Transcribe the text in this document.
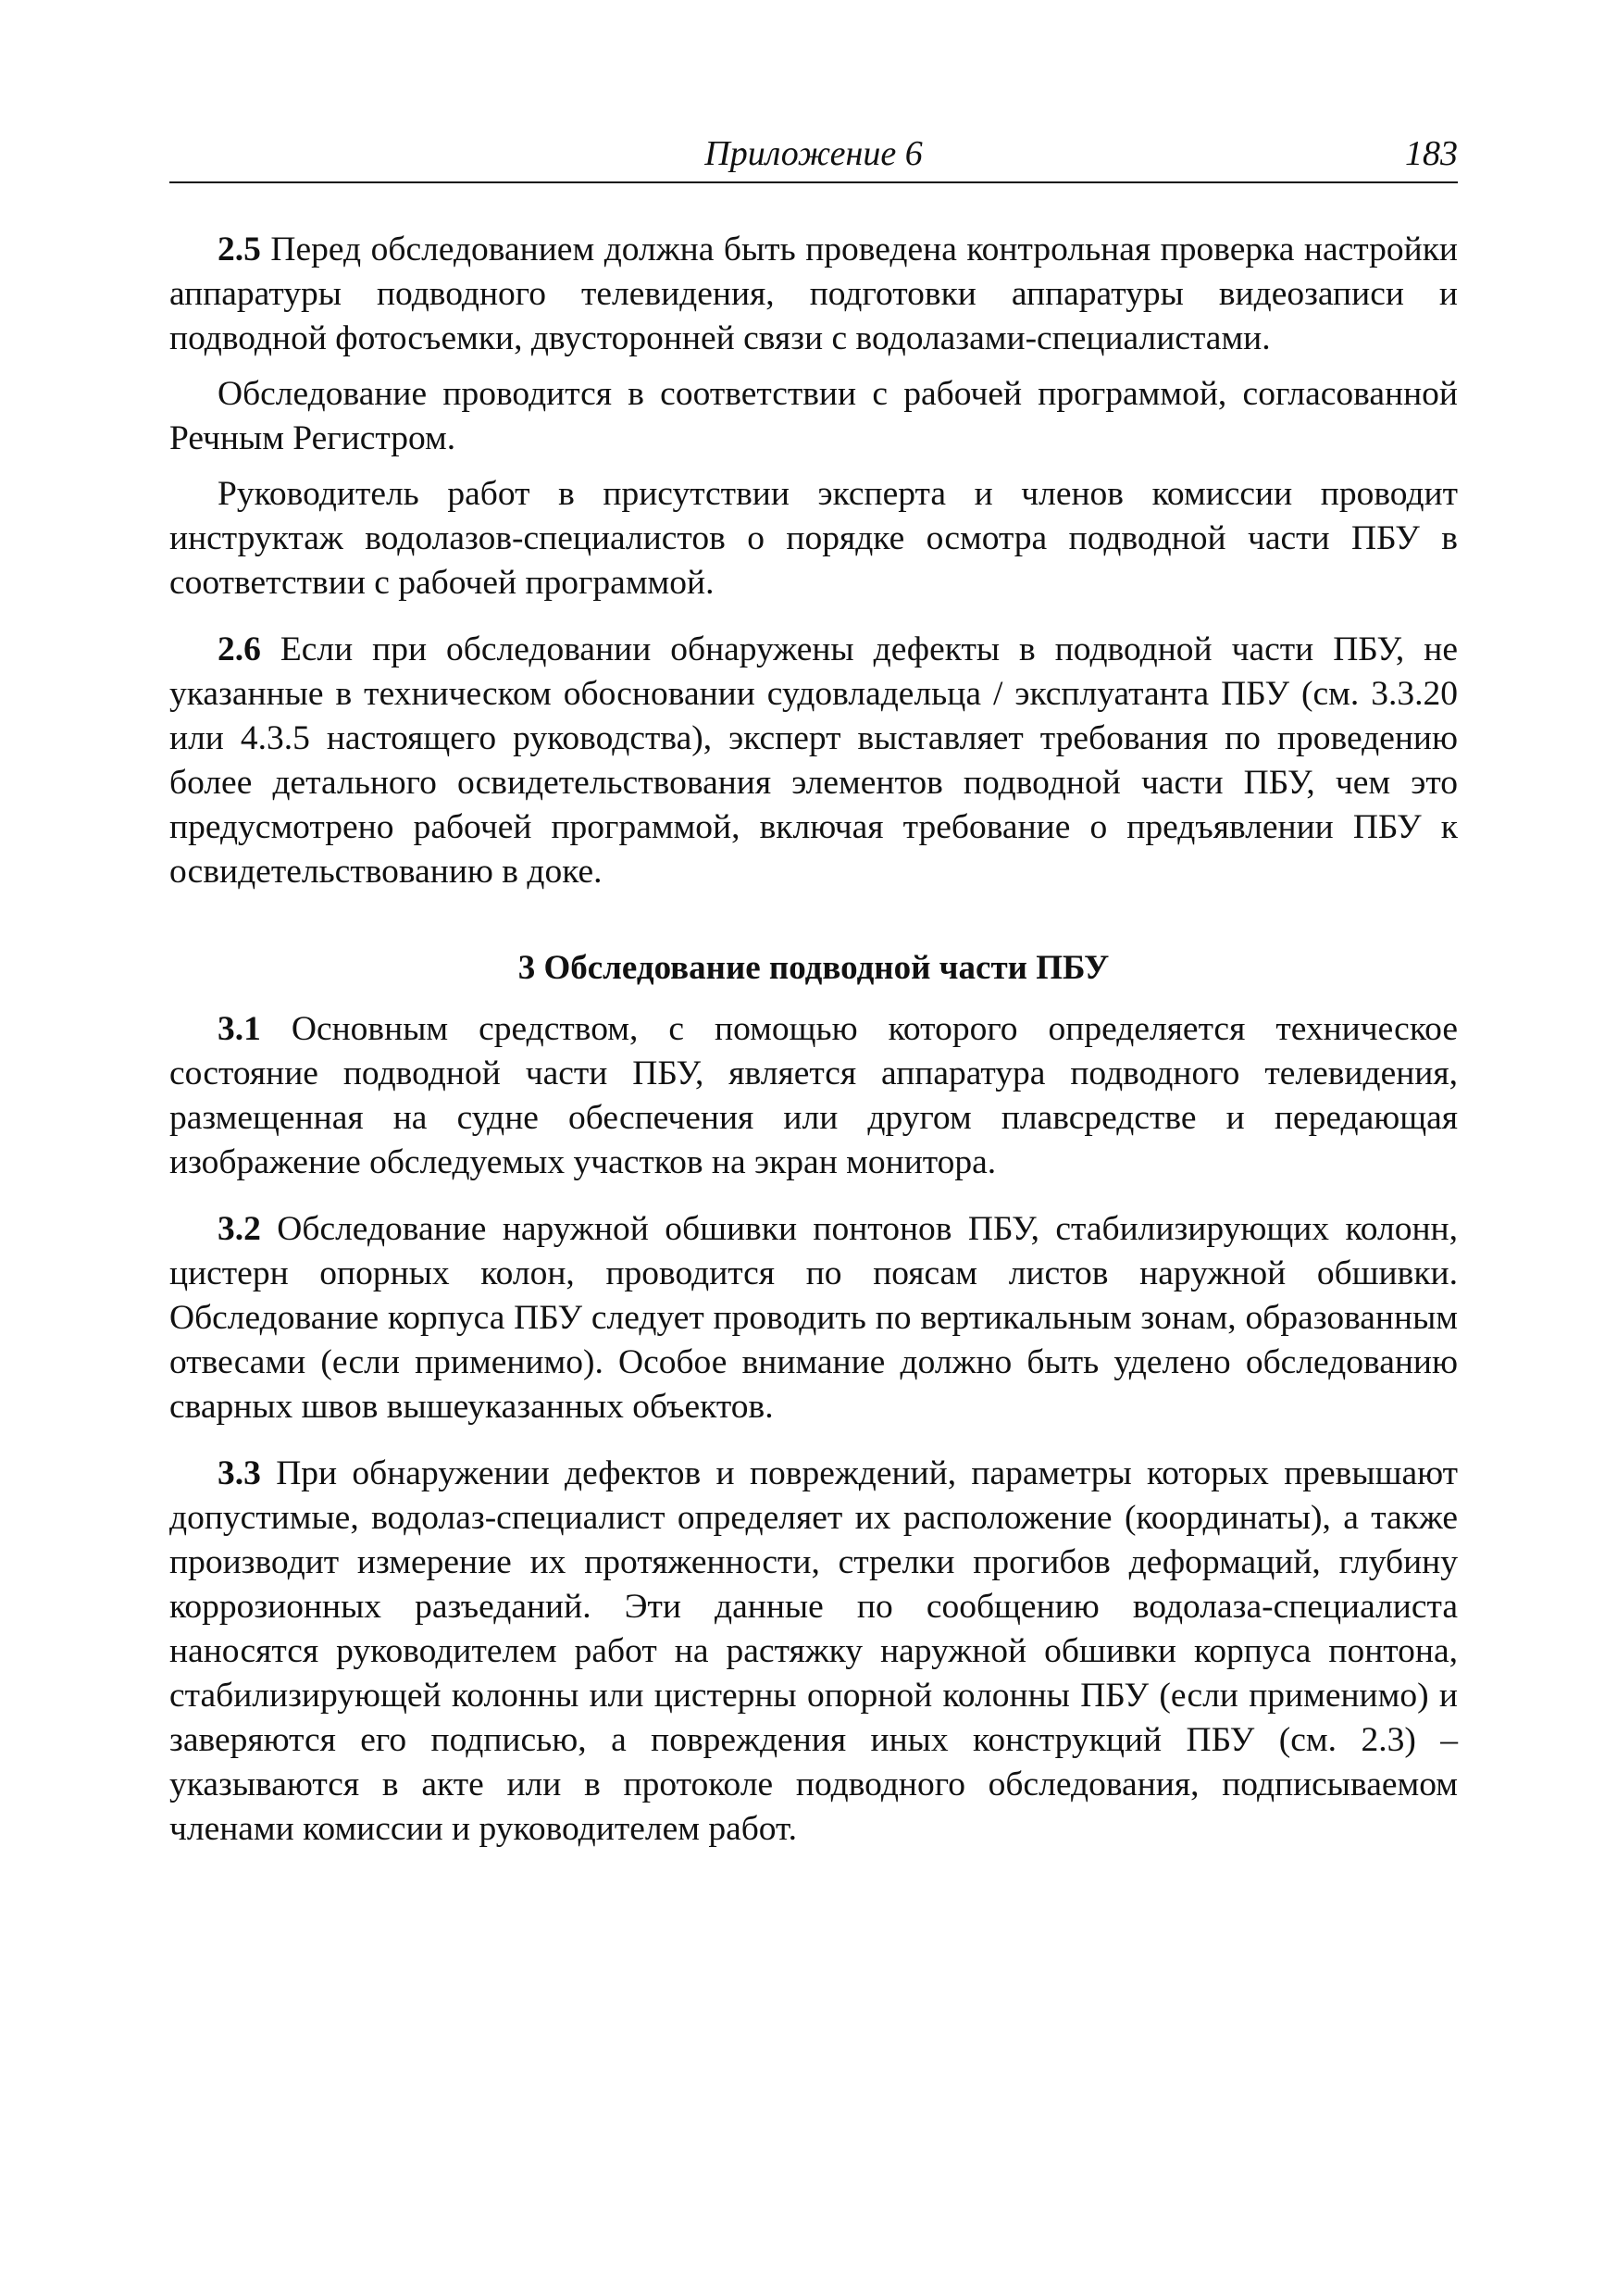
Приложение 6	183

2.5 Перед обследованием должна быть проведена контрольная проверка настройки аппаратуры подводного телевидения, подготовки аппаратуры видеозаписи и подводной фотосъемки, двусторонней связи с водолазами-специалистами.

Обследование проводится в соответствии с рабочей программой, согласованной Речным Регистром.

Руководитель работ в присутствии эксперта и членов комиссии проводит инструктаж водолазов-специалистов о порядке осмотра подводной части ПБУ в соответствии с рабочей программой.

2.6 Если при обследовании обнаружены дефекты в подводной части ПБУ, не указанные в техническом обосновании судовладельца / эксплуатанта ПБУ (см. 3.3.20 или 4.3.5 настоящего руководства), эксперт выставляет требования по проведению более детального освидетельствования элементов подводной части ПБУ, чем это предусмотрено рабочей программой, включая требование о предъявлении ПБУ к освидетельствованию в доке.

3 Обследование подводной части ПБУ

3.1 Основным средством, с помощью которого определяется техническое состояние подводной части ПБУ, является аппаратура подводного телевидения, размещенная на судне обеспечения или другом плавсредстве и передающая изображение обследуемых участков на экран монитора.

3.2 Обследование наружной обшивки понтонов ПБУ, стабилизирующих колонн, цистерн опорных колон, проводится по поясам листов наружной обшивки. Обследование корпуса ПБУ следует проводить по вертикальным зонам, образованным отвесами (если применимо). Особое внимание должно быть уделено обследованию сварных швов вышеуказанных объектов.

3.3 При обнаружении дефектов и повреждений, параметры которых превышают допустимые, водолаз-специалист определяет их расположение (координаты), а также производит измерение их протяженности, стрелки прогибов деформаций, глубину коррозионных разъеданий. Эти данные по сообщению водолаза-специалиста наносятся руководителем работ на растяжку наружной обшивки корпуса понтона, стабилизирующей колонны или цистерны опорной колонны ПБУ (если применимо) и заверяются его подписью, а повреждения иных конструкций ПБУ (см. 2.3) – указываются в акте или в протоколе подводного обследования, подписываемом членами комиссии и руководителем работ.
